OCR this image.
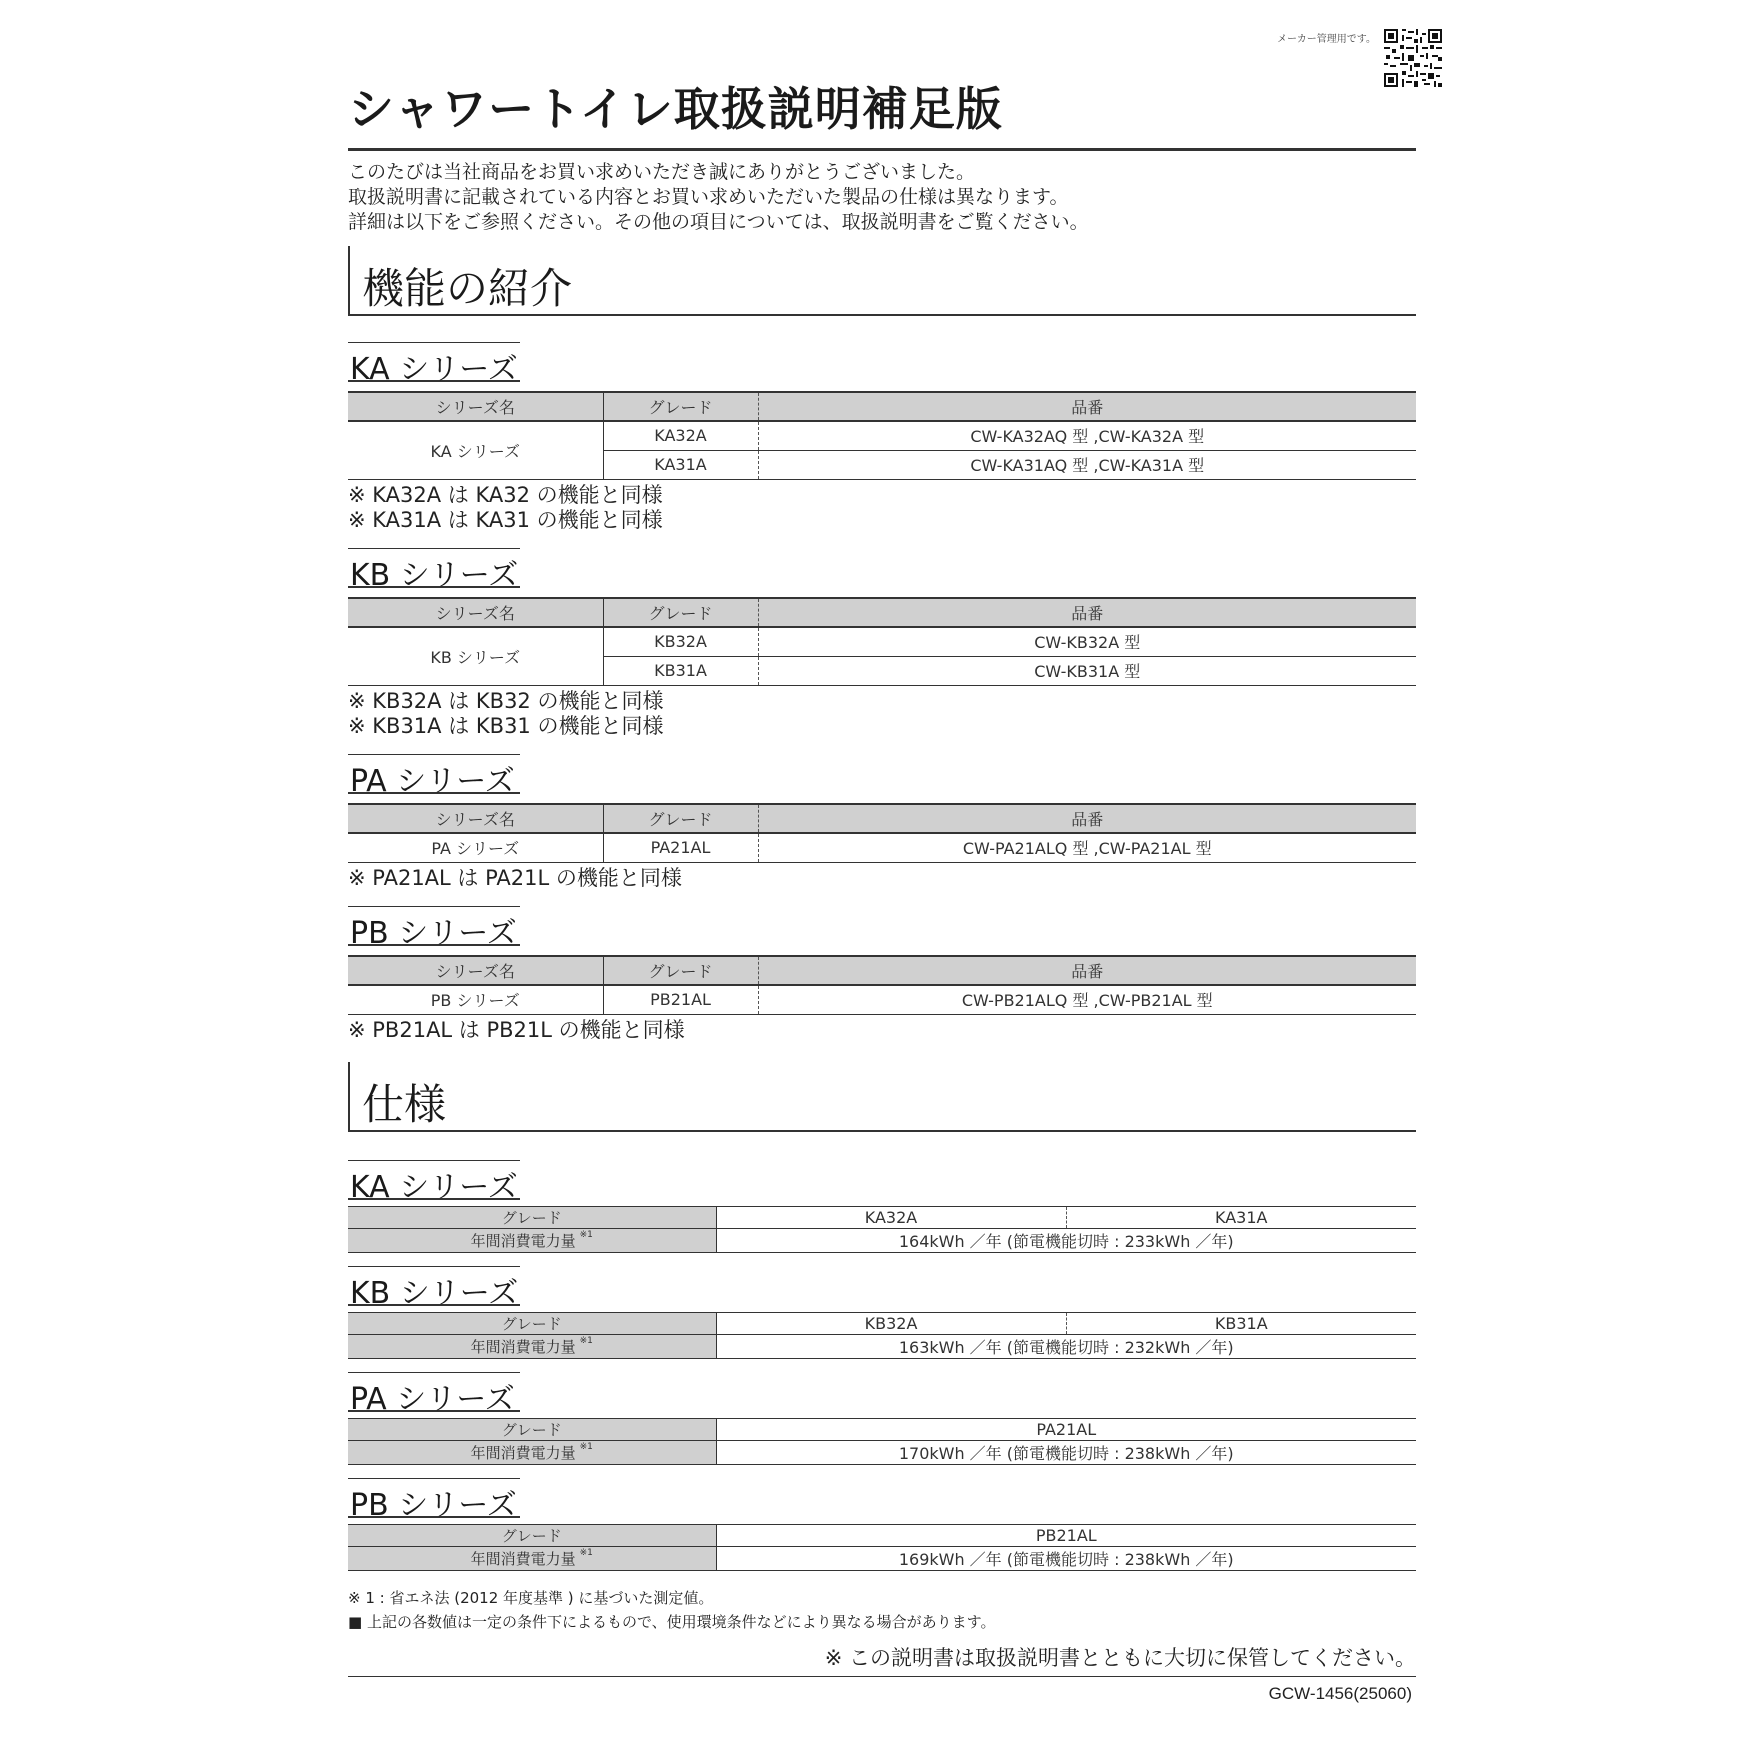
メーカー管理用です。
シャワートイレ取扱説明補足版
このたびは当社商品をお買い求めいただき誠にありがとうございました。
取扱説明書に記載されている内容とお買い求めいただいた製品の仕様は異なります。
詳細は以下をご参照ください。その他の項目については、取扱説明書をご覧ください。
機能の紹介
KA シリーズ
シリーズ名	グレード	品番
KA シリーズ	KA32A	CW-KA32AQ 型 ,CW-KA32A 型
	KA31A	CW-KA31AQ 型 ,CW-KA31A 型
※ KA32A は KA32 の機能と同様
※ KA31A は KA31 の機能と同様
KB シリーズ
シリーズ名	グレード	品番
KB シリーズ	KB32A	CW-KB32A 型
	KB31A	CW-KB31A 型
※ KB32A は KB32 の機能と同様
※ KB31A は KB31 の機能と同様
PA シリーズ
シリーズ名	グレード	品番
PA シリーズ	PA21AL	CW-PA21ALQ 型 ,CW-PA21AL 型
※ PA21AL は PA21L の機能と同様
PB シリーズ
シリーズ名	グレード	品番
PB シリーズ	PB21AL	CW-PB21ALQ 型 ,CW-PB21AL 型
※ PB21AL は PB21L の機能と同様
仕様
KA シリーズ
グレード	KA32A	KA31A
年間消費電力量 $^{※1}$	164kWh ／年 (節電機能切時 : 233kWh ／年)	
KB シリーズ
グレード	KB32A	KB31A
年間消費電力量 $^{※1}$	163kWh ／年 (節電機能切時 : 232kWh ／年)	
PA シリーズ
グレード	PA21AL
年間消費電力量 $^{※1}$	170kWh ／年 (節電機能切時 : 238kWh ／年)
PB シリーズ
グレード	PB21AL
年間消費電力量 $^{※1}$	169kWh ／年 (節電機能切時 : 238kWh ／年)
※ 1 : 省エネ法 (2012 年度基準 ) に基づいた測定値。
■ 上記の各数値は一定の条件下によるもので、使用環境条件などにより異なる場合があります。
※ この説明書は取扱説明書とともに大切に保管してください。
GCW-1456(25060)
